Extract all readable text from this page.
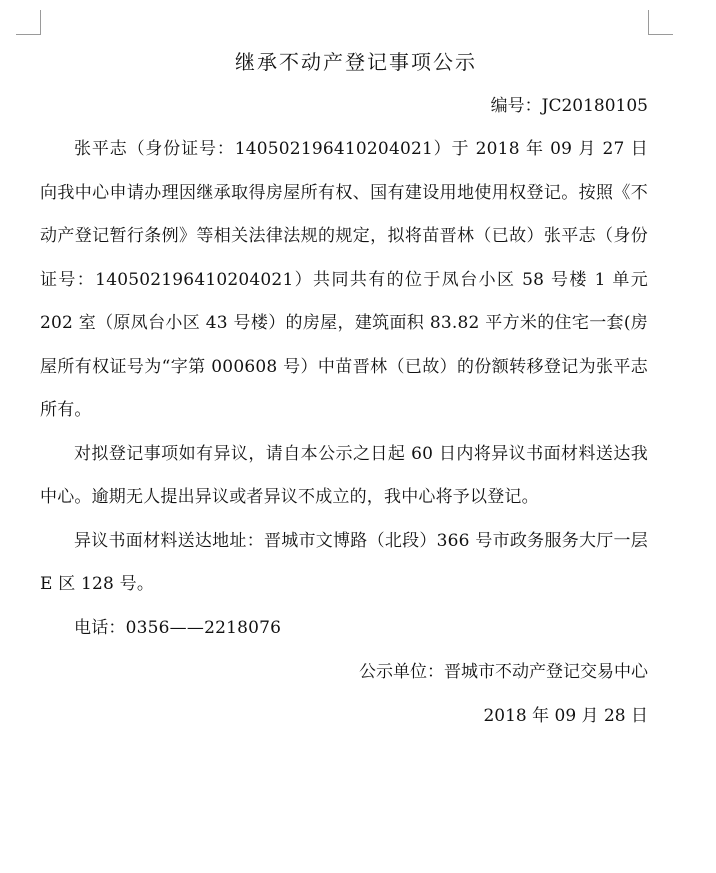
继承不动产登记事项公示

编号：JC20180105

张平志（身份证号：140502196410204021）于 2018 年 09 月 27 日向我中心申请办理因继承取得房屋所有权、国有建设用地使用权登记。按照《不动产登记暂行条例》等相关法律法规的规定，拟将苗晋林（已故）张平志（身份证号：140502196410204021）共同共有的位于凤台小区 58 号楼 1 单元 202 室（原凤台小区 43 号楼）的房屋，建筑面积 83.82 平方米的住宅一套(房屋所有权证号为“字第 000608 号）中苗晋林（已故）的份额转移登记为张平志所有。

对拟登记事项如有异议，请自本公示之日起 60 日内将异议书面材料送达我中心。逾期无人提出异议或者异议不成立的，我中心将予以登记。

异议书面材料送达地址：晋城市文博路（北段）366 号市政务服务大厅一层 E 区 128 号。

电话：0356——2218076

公示单位：晋城市不动产登记交易中心

2018 年 09 月 28 日
